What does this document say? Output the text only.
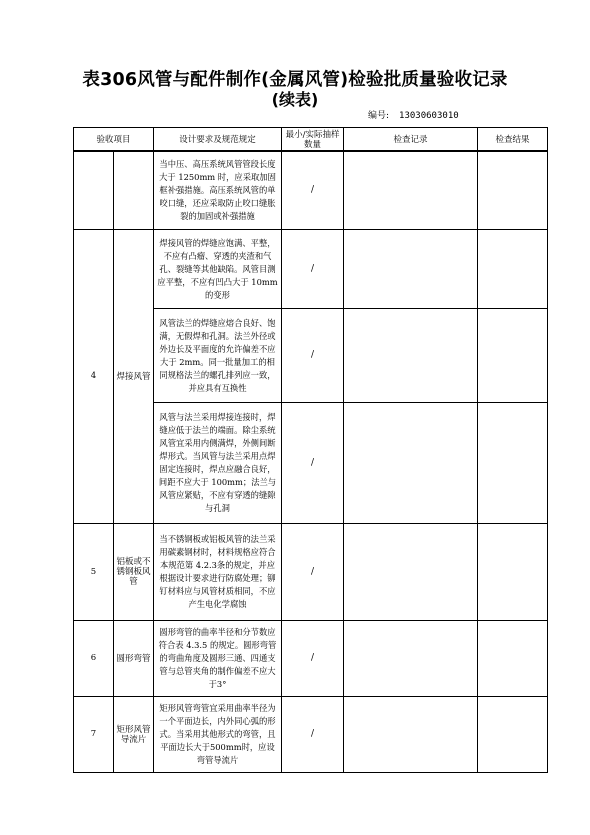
表306风管与配件制作(金属风管)检验批质量验收记录
(续表)
编号: 13030603010
验收项目	设计要求及规范规定	最小/实际抽样数量	检查记录	检查结果
		当中压、高压系统风管管段长度大于 1250mm 时，应采取加固框补强措施。高压系统风管的单咬口缝，还应采取防止咬口缝胀裂的加固或补强措施	/		
4	焊接风管	焊接风管的焊缝应饱满、平整，不应有凸瘤、穿透的夹渣和气孔、裂缝等其他缺陷。风管目测应平整，不应有凹凸大于 10mm 的变形	/		
		风管法兰的焊缝应熔合良好、饱满，无假焊和孔洞。法兰外径或外边长及平面度的允许偏差不应大于 2mm。同一批量加工的相同规格法兰的螺孔排列应一致，并应具有互换性	/		
		风管与法兰采用焊接连接时，焊缝应低于法兰的端面。除尘系统风管宜采用内侧满焊，外侧间断焊形式。当风管与法兰采用点焊固定连接时，焊点应融合良好，间距不应大于 100mm；法兰与风管应紧贴，不应有穿透的缝隙与孔洞	/		
5	铝板或不锈钢板风管	当不锈钢板或铝板风管的法兰采用碳素钢材时，材料规格应符合本规范第 4.2.3条的规定，并应根据设计要求进行防腐处理；铆钉材料应与风管材质相同，不应产生电化学腐蚀	/		
6	圆形弯管	圆形弯管的曲率半径和分节数应符合表 4.3.5 的规定。圆形弯管的弯曲角度及圆形三通、四通支管与总管夹角的制作偏差不应大于3°	/		
7	矩形风管导流片	矩形风管弯管宜采用曲率半径为一个平面边长，内外同心弧的形式。当采用其他形式的弯管，且平面边长大于500mm时，应设弯管导流片	/		
